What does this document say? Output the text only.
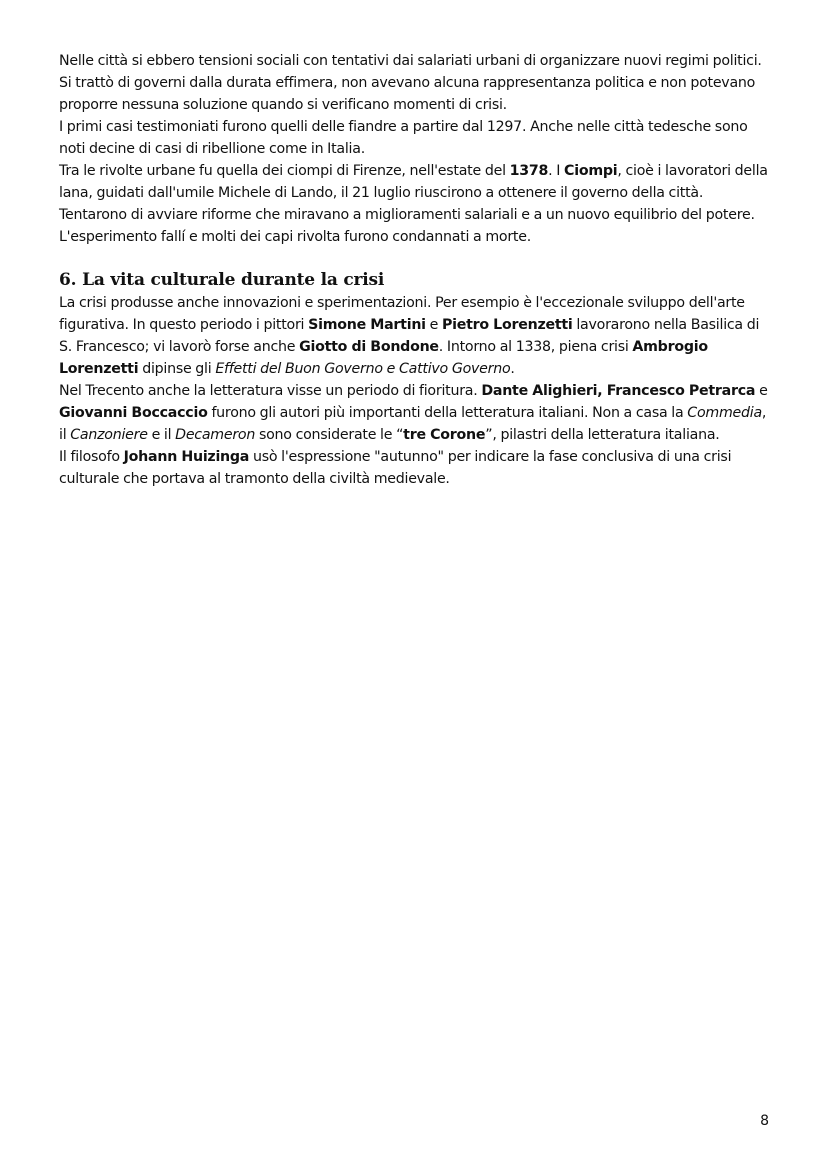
Nelle città si ebbero tensioni sociali con tentativi dai salariati urbani di organizzare nuovi regimi politici. Si trattò di governi dalla durata effimera, non avevano alcuna rappresentanza politica e non potevano proporre nessuna soluzione quando si verificano momenti di crisi.

I primi casi testimoniati furono quelli delle fiandre a partire dal 1297. Anche nelle città tedesche sono noti decine di casi di ribellione come in Italia.

Tra le rivolte urbane fu quella dei ciompi di Firenze, nell'estate del 1378. I Ciompi, cioè i lavoratori della lana, guidati dall'umile Michele di Lando, il 21 luglio riuscirono a ottenere il governo della città. Tentarono di avviare riforme che miravano a miglioramenti salariali e a un nuovo equilibrio del potere. L'esperimento fallí e molti dei capi rivolta furono condannati a morte.

6. La vita culturale durante la crisi

La crisi produsse anche innovazioni e sperimentazioni. Per esempio è l'eccezionale sviluppo dell'arte figurativa. In questo periodo i pittori Simone Martini e Pietro Lorenzetti lavorarono nella Basilica di S. Francesco; vi lavorò forse anche Giotto di Bondone. Intorno al 1338, piena crisi Ambrogio Lorenzetti dipinse gli Effetti del Buon Governo e Cattivo Governo.

Nel Trecento anche la letteratura visse un periodo di fioritura. Dante Alighieri, Francesco Petrarca e Giovanni Boccaccio furono gli autori più importanti della letteratura italiani. Non a casa la Commedia, il Canzoniere e il Decameron sono considerate le “tre Corone”, pilastri della letteratura italiana.

Il filosofo Johann Huizinga usò l'espressione "autunno" per indicare la fase conclusiva di una crisi culturale che portava al tramonto della civiltà medievale.

8
